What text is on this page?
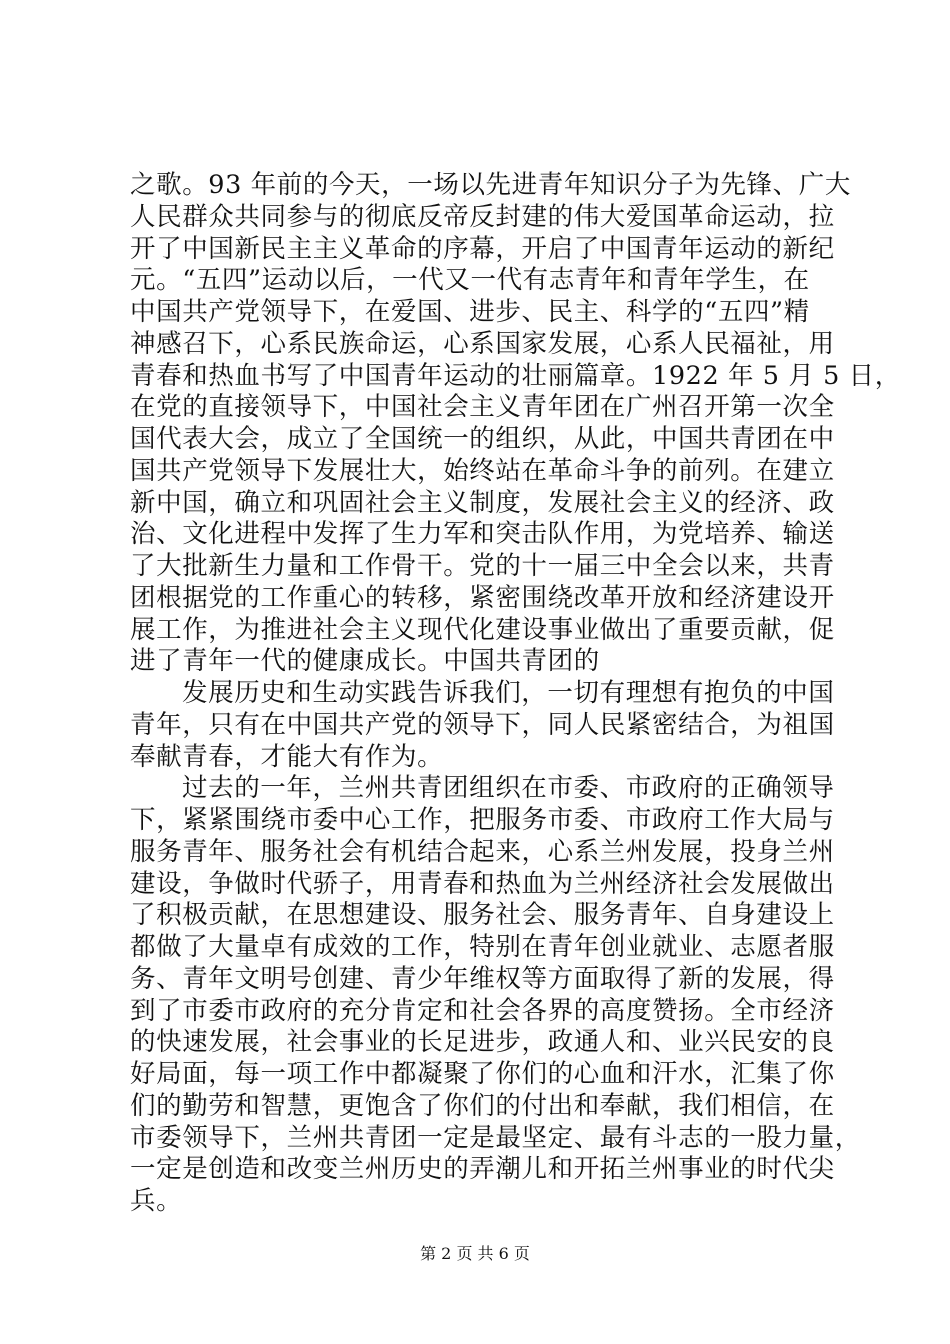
之歌。93 年前的今天，一场以先进青年知识分子为先锋、广大
人民群众共同参与的彻底反帝反封建的伟大爱国革命运动，拉
开了中国新民主主义革命的序幕，开启了中国青年运动的新纪
元。“五四”运动以后，一代又一代有志青年和青年学生，在
中国共产党领导下，在爱国、进步、民主、科学的“五四”精
神感召下，心系民族命运，心系国家发展，心系人民福祉，用
青春和热血书写了中国青年运动的壮丽篇章。1922 年 5 月 5 日，
在党的直接领导下，中国社会主义青年团在广州召开第一次全
国代表大会，成立了全国统一的组织，从此，中国共青团在中
国共产党领导下发展壮大，始终站在革命斗争的前列。在建立
新中国，确立和巩固社会主义制度，发展社会主义的经济、政
治、文化进程中发挥了生力军和突击队作用，为党培养、输送
了大批新生力量和工作骨干。党的十一届三中全会以来，共青
团根据党的工作重心的转移，紧密围绕改革开放和经济建设开
展工作，为推进社会主义现代化建设事业做出了重要贡献，促
进了青年一代的健康成长。中国共青团的
发展历史和生动实践告诉我们，一切有理想有抱负的中国
青年，只有在中国共产党的领导下，同人民紧密结合，为祖国
奉献青春，才能大有作为。
过去的一年，兰州共青团组织在市委、市政府的正确领导
下，紧紧围绕市委中心工作，把服务市委、市政府工作大局与
服务青年、服务社会有机结合起来，心系兰州发展，投身兰州
建设，争做时代骄子，用青春和热血为兰州经济社会发展做出
了积极贡献，在思想建设、服务社会、服务青年、自身建设上
都做了大量卓有成效的工作，特别在青年创业就业、志愿者服
务、青年文明号创建、青少年维权等方面取得了新的发展，得
到了市委市政府的充分肯定和社会各界的高度赞扬。全市经济
的快速发展，社会事业的长足进步，政通人和、业兴民安的良
好局面，每一项工作中都凝聚了你们的心血和汗水，汇集了你
们的勤劳和智慧，更饱含了你们的付出和奉献，我们相信，在
市委领导下，兰州共青团一定是最坚定、最有斗志的一股力量，
一定是创造和改变兰州历史的弄潮儿和开拓兰州事业的时代尖
兵。
第 2 页 共 6 页
